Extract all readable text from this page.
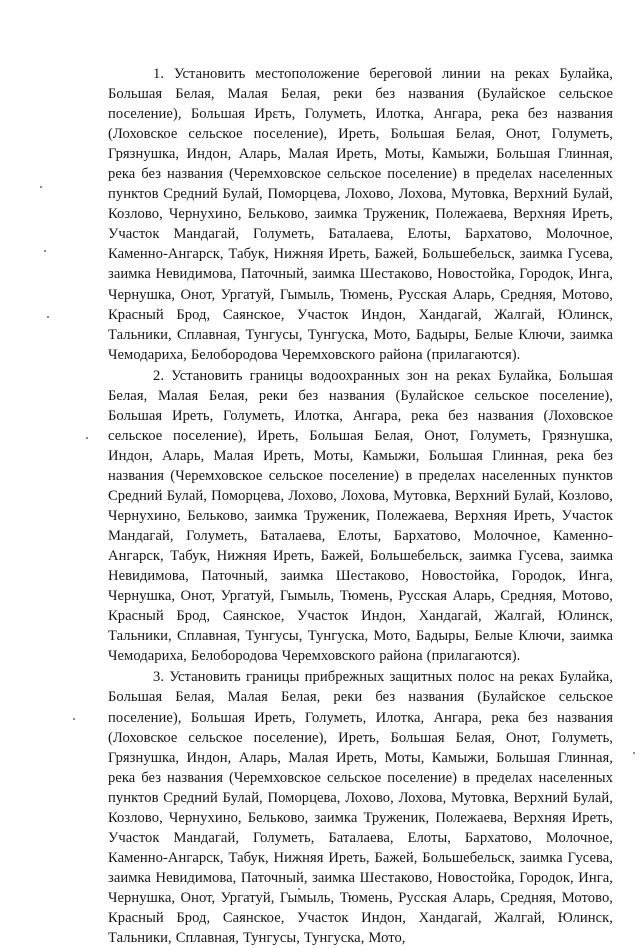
1. Установить местоположение береговой линии на реках Булайка, Большая Белая, Малая Белая, реки без названия (Булайское сельское поселение), Большая Ирεть, Голуметь, Илотка, Ангара, река без названия (Лоховское сельское поселение), Иреть, Большая Белая, Онот, Голуметь, Грязнушка, Индон, Аларь, Малая Иреть, Моты, Камыжи, Большая Глинная, река без названия (Черемховское сельское поселение) в пределах населенных пунктов Средний Булай, Поморцева, Лохово, Лохова, Мутовка, Верхний Булай, Козлово, Чернухино, Бельково, заимка Труженик, Полежаева, Верхняя Иреть, Участок Мандагай, Голуметь, Баталаева, Елоты, Бархатово, Молочное, Каменно-Ангарск, Табук, Нижняя Иреть, Бажей, Большебельск, заимка Гусева, заимка Невидимова, Паточный, заимка Шестаково, Новостойка, Городок, Инга, Чернушка, Онот, Ургатуй, Гымыль, Тюмень, Русская Аларь, Средняя, Мотово, Красный Брод, Саянское, Участок Индон, Хандагай, Жалгай, Юлинск, Тальники, Сплавная, Тунгусы, Тунгуска, Мото, Бадыры, Белые Ключи, заимка Чемодариха, Белобородова Черемховского района (прилагаются).

2. Установить границы водоохранных зон на реках Булайка, Большая Белая, Малая Белая, реки без названия (Булайское сельское поселение), Большая Иреть, Голуметь, Илотка, Ангара, река без названия (Лоховское сельское поселение), Иреть, Большая Белая, Онот, Голуметь, Грязнушка, Индон, Аларь, Малая Иреть, Моты, Камыжи, Большая Глинная, река без названия (Черемховское сельское поселение) в пределах населенных пунктов Средний Булай, Поморцева, Лохово, Лохова, Мутовка, Верхний Булай, Козлово, Чернухино, Бельково, заимка Труженик, Полежаева, Верхняя Иреть, Участок Мандагай, Голуметь, Баталаева, Елоты, Бархатово, Молочное, Каменно-Ангарск, Табук, Нижняя Иреть, Бажей, Большебельск, заимка Гусева, заимка Невидимова, Паточный, заимка Шестаково, Новостойка, Городок, Инга, Чернушка, Онот, Ургатуй, Гымыль, Тюмень, Русская Аларь, Средняя, Мотово, Красный Брод, Саянское, Участок Индон, Хандагай, Жалгай, Юлинск, Тальники, Сплавная, Тунгусы, Тунгуска, Мото, Бадыры, Белые Ключи, заимка Чемодариха, Белобородова Черемховского района (прилагаются).

3. Установить границы прибрежных защитных полос на реках Булайка, Большая Белая, Малая Белая, реки без названия (Булайское сельское поселение), Большая Иреть, Голуметь, Илотка, Ангара, река без названия (Лоховское сельское поселение), Иреть, Большая Белая, Онот, Голуметь, Грязнушка, Индон, Аларь, Малая Иреть, Моты, Камыжи, Большая Глинная, река без названия (Черемховское сельское поселение) в пределах населенных пунктов Средний Булай, Поморцева, Лохово, Лохова, Мутовка, Верхний Булай, Козлово, Чернухино, Бельково, заимка Труженик, Полежаева, Верхняя Иреть, Участок Мандагай, Голуметь, Баталаева, Елоты, Бархатово, Молочное, Каменно-Ангарск, Табук, Нижняя Иреть, Бажей, Большебельск, заимка Гусева, заимка Невидимова, Паточный, заимка Шестаково, Новостойка, Городок, Инга, Чернушка, Онот, Ургатуй, Гымыль, Тюмень, Русская Аларь, Средняя, Мотово, Красный Брод, Саянское, Участок Индон, Хандагай, Жалгай, Юлинск, Тальники, Сплавная, Тунгусы, Тунгуска, Мото,
